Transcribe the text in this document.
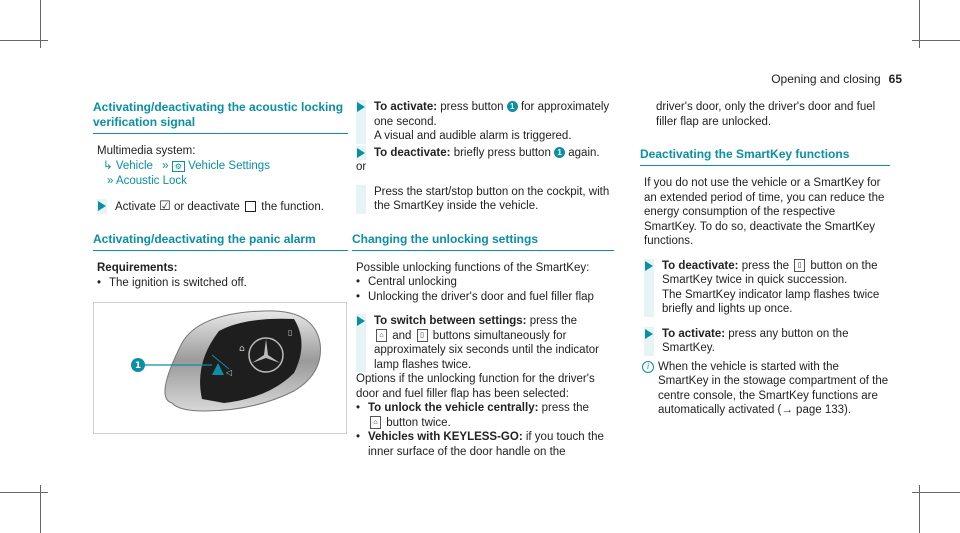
Opening and closing 65
Activating/deactivating the acoustic locking verification signal
Multimedia system:
↳ Vehicle » ⚙ Vehicle Settings
» Acoustic Lock
Activate ☑ or deactivate the function.
Activating/deactivating the panic alarm
Requirements:
• The ignition is switched off.
⌂
▯
◁
1
To activate: press button 1 for approximately one second.
A visual and audible alarm is triggered.
To deactivate: briefly press button 1 again.
or
Press the start/stop button on the cockpit, with the SmartKey inside the vehicle.
Changing the unlocking settings
Possible unlocking functions of the SmartKey:
• Central unlocking
• Unlocking the driver's door and fuel filler flap
To switch between settings: press the
⌂ and ▯ buttons simultaneously for approximately six seconds until the indicator lamp flashes twice.
Options if the unlocking function for the driver's door and fuel filler flap has been selected:
• To unlock the vehicle centrally: press the
⌂ button twice.
• Vehicles with KEYLESS-GO: if you touch the inner surface of the door handle on the
driver's door, only the driver's door and fuel filler flap are unlocked.
Deactivating the SmartKey functions
If you do not use the vehicle or a SmartKey for an extended period of time, you can reduce the energy consumption of the respective SmartKey. To do so, deactivate the SmartKey functions.
To deactivate: press the ▯ button on the SmartKey twice in quick succession.
The SmartKey indicator lamp flashes twice briefly and lights up once.
To activate: press any button on the SmartKey.
i When the vehicle is started with the SmartKey in the stowage compartment of the centre console, the SmartKey functions are automatically activated (→ page 133).
